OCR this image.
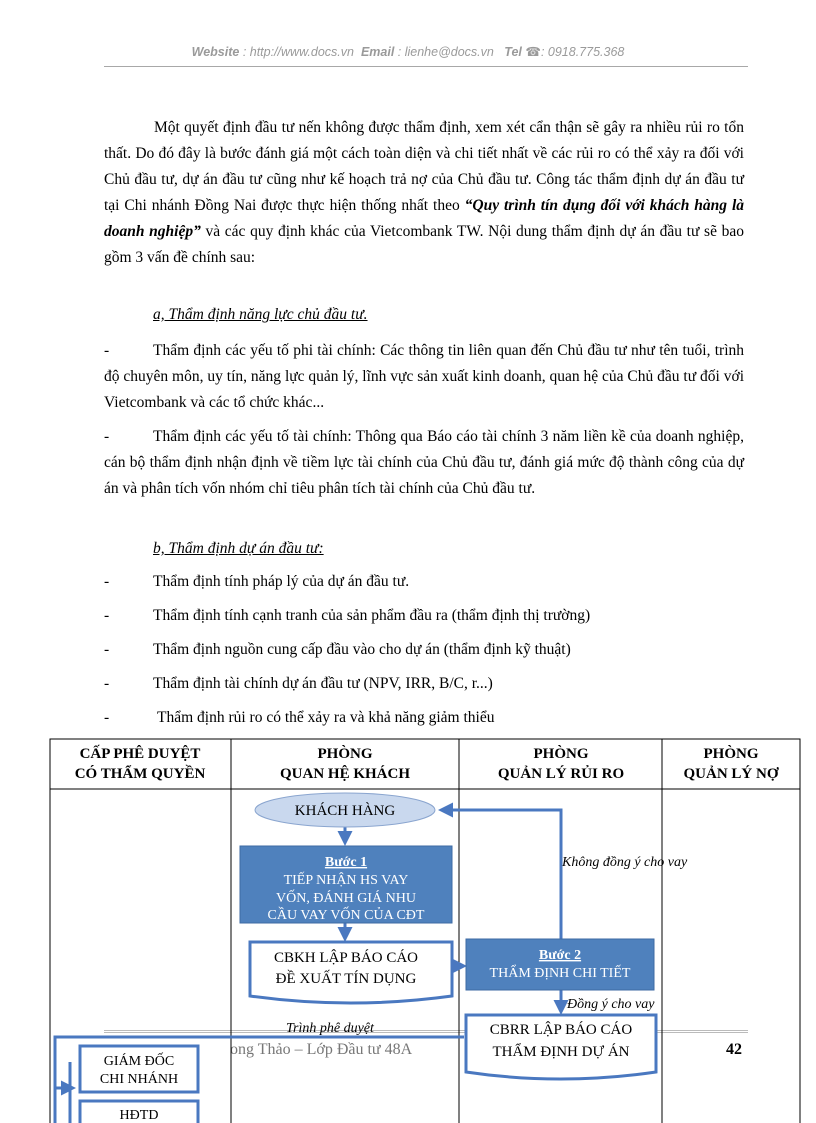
Website : http://www.docs.vn Email : lienhe@docs.vn Tel ☎: 0918.775.368

Một quyết định đầu tư nến không được thẩm định, xem xét cẩn thận sẽ gây ra nhiều rủi ro tổn thất. Do đó đây là bước đánh giá một cách toàn diện và chi tiết nhất về các rủi ro có thể xảy ra đối với Chủ đầu tư, dự án đầu tư cũng như kế hoạch trả nợ của Chủ đầu tư. Công tác thẩm định dự án đầu tư tại Chi nhánh Đồng Nai được thực hiện thống nhất theo “Quy trình tín dụng đối với khách hàng là doanh nghiệp” và các quy định khác của Vietcombank TW. Nội dung thẩm định dự án đầu tư sẽ bao gồm 3 vấn đề chính sau:

a, Thẩm định năng lực chủ đầu tư.
-	Thẩm định các yếu tố phi tài chính: Các thông tin liên quan đến Chủ đầu tư như tên tuổi, trình độ chuyên môn, uy tín, năng lực quản lý, lĩnh vực sản xuất kinh doanh, quan hệ của Chủ đầu tư đối với Vietcombank và các tổ chức khác...
-	Thẩm định các yếu tố tài chính: Thông qua Báo cáo tài chính 3 năm liền kề của doanh nghiệp, cán bộ thẩm định nhận định về tiềm lực tài chính của Chủ đầu tư, đánh giá mức độ thành công của dự án và phân tích vốn nhóm chỉ tiêu phân tích tài chính của Chủ đầu tư.
b, Thẩm định dự án đầu tư:
-	Thẩm định tính pháp lý của dự án đầu tư.
-	Thẩm định tính cạnh tranh của sản phẩm đầu ra (thẩm định thị trường)
-	Thẩm định nguồn cung cấp đầu vào cho dự án (thẩm định kỹ thuật)
-	Thẩm định tài chính dự án đầu tư (NPV, IRR, B/C, r...)
-	Thẩm định rủi ro có thể xảy ra và khả năng giảm thiểu
ong Thảo – Lớp Đầu tư 48A	42
CẤP PHÊ DUYỆT
CÓ THẨM QUYỀN
PHÒNG
QUAN HỆ KHÁCH
PHÒNG
QUẢN LÝ RỦI RO
PHÒNG
QUẢN LÝ NỢ
KHÁCH HÀNG
Bước 1
TIẾP NHẬN HS VAY
VỐN, ĐÁNH GIÁ NHU
CẦU VAY VỐN CỦA CĐT
CBKH LẬP BÁO CÁO
ĐỀ XUẤT TÍN DỤNG
Bước 2
THẨM ĐỊNH CHI TIẾT
CBRR LẬP BÁO CÁO
THẨM ĐỊNH DỰ ÁN
GIÁM ĐỐC
CHI NHÁNH
HĐTD
Không đồng ý cho vay
Đồng ý cho vay
Trình phê duyệt
